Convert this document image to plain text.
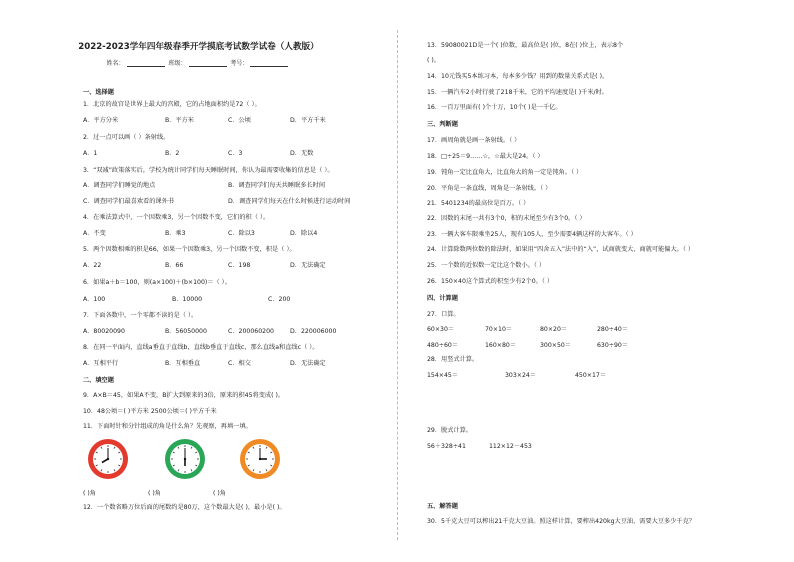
2022-2023学年四年级春季开学摸底考试数学试卷（人教版）
姓名：	班级：	考号：
一、选择题
1．北京的故宫是世界上最大的宫殿，它的占地面积约是72（ ）。
A．平方分米	B．平方米	C．公顷	D．平方千米
2．过一点可以画（ ）条射线。
A．1	B．2	C．3	D．无数
3．“双减”政策落实后，学校为统计同学们每天睡眠时间，你认为最需要收集的信息是（ ）。
A．调查同学们睡觉的地点	B．调查同学们每天共睡眠多长时间
C．调查同学们最喜欢看的课外书	D．调查同学们每天在什么时候进行运动时间
4．在乘法算式中，一个因数乘3，另一个因数不变，它们的积（ ）。
A．不变	B．乘3	C．除以3	D．除以4
5．两个因数相乘的积是66，如果一个因数乘3，另一个因数不变，积是（ ）。
A．22	B．66	C．198	D．无法确定
6．如果a＋b＝100，则(a×100)＋(b×100)＝（ ）。
A．100	B．10000	C．200
7．下面各数中，一个零都不读的是（ ）。
A．80020090	B．56050000	C．200060200	D．220006000
8．在同一平面内，直线a垂直于直线b，直线b垂直于直线c，那么直线a和直线c（ ）。
A．互相平行	B．互相垂直	C．相交	D．无法确定
二、填空题
9．A×B＝45，如果A不变，B扩大到原来的3倍，原来的积45将变成( )。
10．48公顷＝( )平方米 2500公顷＝( )平方千米
11．下面时针和分针组成的角是什么角？先观察，再填一填。
( )角	( )角	( )角
12．一个数省略万位后面的尾数约是80万，这个数最大是( )，最小是( )。
13．59080021D是一个( )位数，最高位是( )位，8在( )位上，表示8个
( )。
14．10元钱买5本练习本，每本多少钱？用到的数量关系式是( )。
15．一辆汽车2小时行驶了218千米，它的平均速度是( )千米/时。
16．一百万里面有( )个十万，10个( )是一千亿。
三、判断题
17．画周角就是画一条射线。（ ）
18．□÷25＝9……☆，☆最大是24。（ ）
19．钝角一定比直角大，比直角大的角一定是钝角。（ ）
20．平角是一条直线，周角是一条射线。（ ）
21．5401234的最高位是百万。（ ）
22．因数的末尾一共有3个0，积的末尾至少有3个0。（ ）
23．一辆大客车限乘坐25人，现有105人，至少需要4辆这样的大客车。（ ）
24．计算除数两位数的除法时，如果用“四舍五入”法中的“入”，试商就变大，商就可能偏大。（ ）
25．一个数的近似数一定比这个数小。（ ）
26．150×40这个算式的积至少有2个0。（ ）
四、计算题
27．口算。
60×30＝	70×10＝	80×20＝	280÷40＝
480÷60＝	160×80＝	300×50＝	630÷90＝
28．用竖式计算。
154×45＝	303×24＝	450×17＝
29．脱式计算。
56＋328÷41	112×12－453
五、解答题
30．5千克大豆可以榨出21千克大豆油。照这样计算，要榨出420kg大豆油，需要大豆多少千克？
